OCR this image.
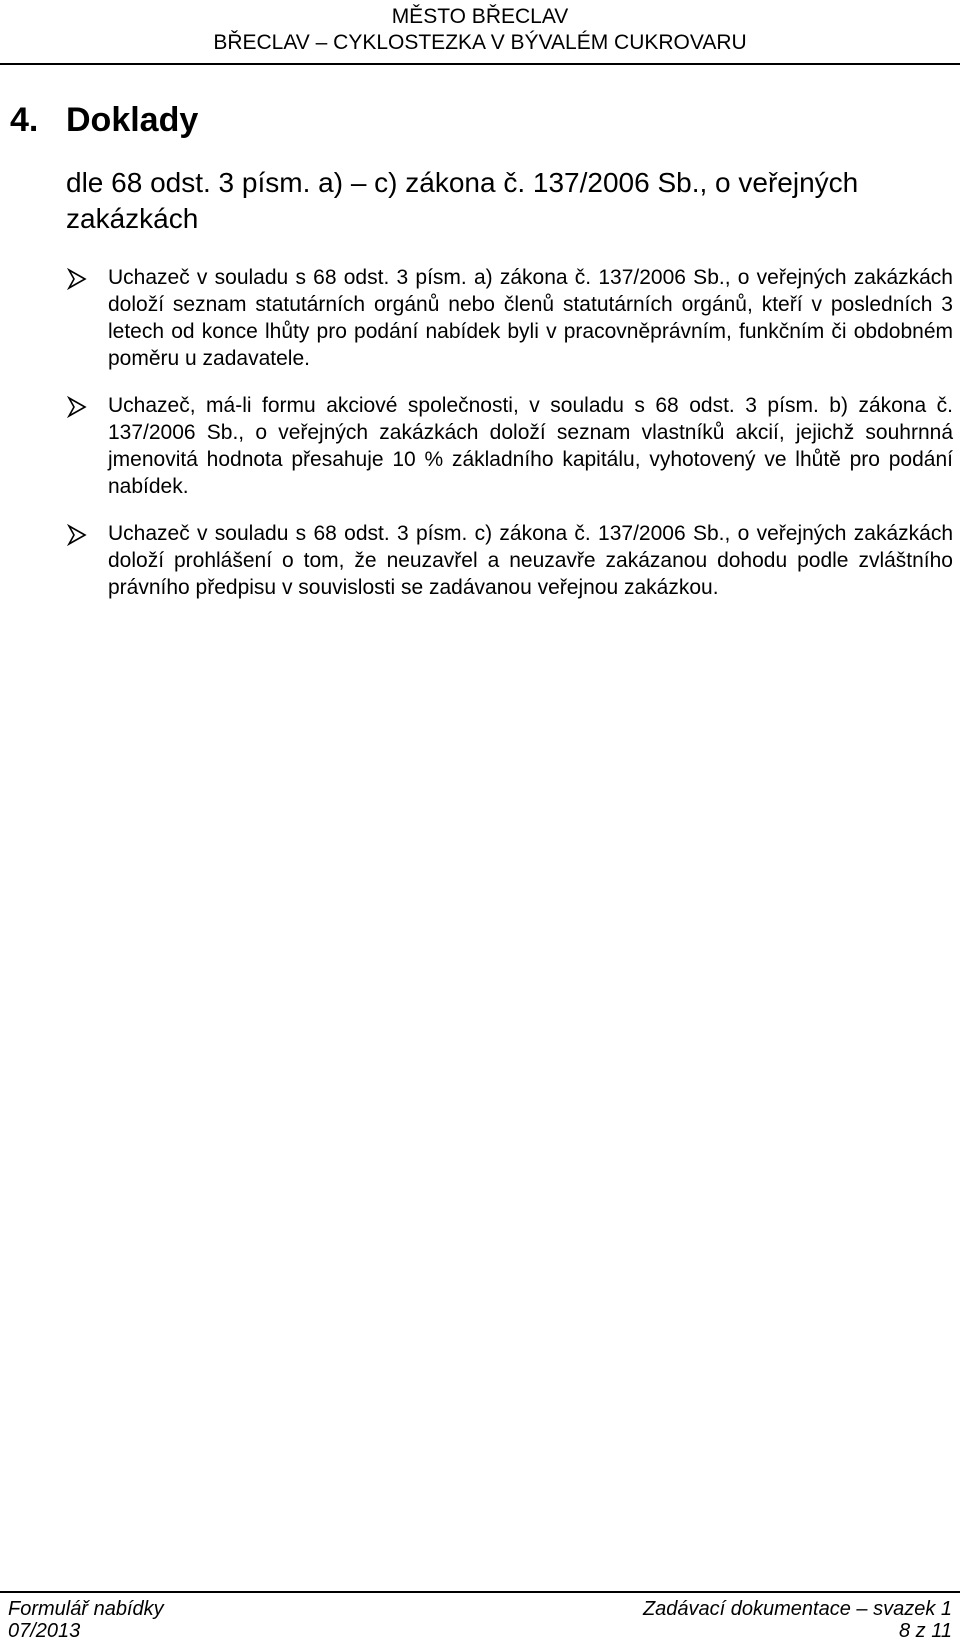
MĚSTO BŘECLAV
BŘECLAV – CYKLOSTEZKA V BÝVALÉM CUKROVARU
4. Doklady
dle 68 odst. 3 písm. a) – c) zákona č. 137/2006 Sb., o veřejných zakázkách
Uchazeč v souladu s 68 odst. 3 písm. a) zákona č. 137/2006 Sb., o veřejných zakázkách doloží seznam statutárních orgánů nebo členů statutárních orgánů, kteří v posledních 3 letech od konce lhůty pro podání nabídek byli v pracovněprávním, funkčním či obdobném poměru u zadavatele.
Uchazeč, má-li formu akciové společnosti, v souladu s 68 odst. 3 písm. b) zákona č. 137/2006 Sb., o veřejných zakázkách doloží seznam vlastníků akcií, jejichž souhrnná jmenovitá hodnota přesahuje 10 % základního kapitálu, vyhotovený ve lhůtě pro podání nabídek.
Uchazeč v souladu s 68 odst. 3 písm. c) zákona č. 137/2006 Sb., o veřejných zakázkách doloží prohlášení o tom, že neuzavřel a neuzavře zakázanou dohodu podle zvláštního právního předpisu v souvislosti se zadávanou veřejnou zakázkou.
Formulář nabídky	Zadávací dokumentace – svazek 1
07/2013	8 z 11
